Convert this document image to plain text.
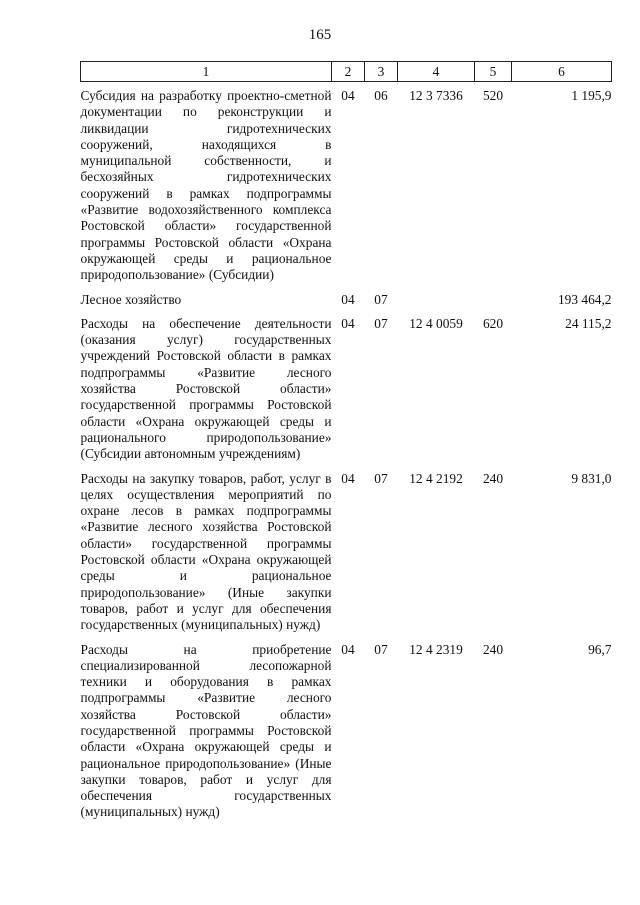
165
1	2	3	4	5	6

Субсидия на разработку проектно-сметной документации по реконструкции и ликвидации гидротехнических сооружений, находящихся в муниципальной собственности, и бесхозяйных гидротехнических сооружений в рамках подпрограммы «Развитие водохозяйственного комплекса Ростовской области» государственной программы Ростовской области «Охрана окружающей среды и рациональное природопользование» (Субсидии)	04	06	12 3 7336	520	1 195,9

Лесное хозяйство	04	07			193 464,2

Расходы на обеспечение деятельности (оказания услуг) государственных учреждений Ростовской области в рамках подпрограммы «Развитие лесного хозяйства Ростовской области» государственной программы Ростовской области «Охрана окружающей среды и рационального природопользование» (Субсидии автономным учреждениям)	04	07	12 4 0059	620	24 115,2

Расходы на закупку товаров, работ, услуг в целях осуществления мероприятий по охране лесов в рамках подпрограммы «Развитие лесного хозяйства Ростовской области» государственной программы Ростовской области «Охрана окружающей среды и рациональное природопользование» (Иные закупки товаров, работ и услуг для обеспечения государственных (муниципальных) нужд)	04	07	12 4 2192	240	9 831,0

Расходы на приобретение специализированной лесопожарной техники и оборудования в рамках подпрограммы «Развитие лесного хозяйства Ростовской области» государственной программы Ростовской области «Охрана окружающей среды и рациональное природопользование» (Иные закупки товаров, работ и услуг для обеспечения государственных (муниципальных) нужд)	04	07	12 4 2319	240	96,7
